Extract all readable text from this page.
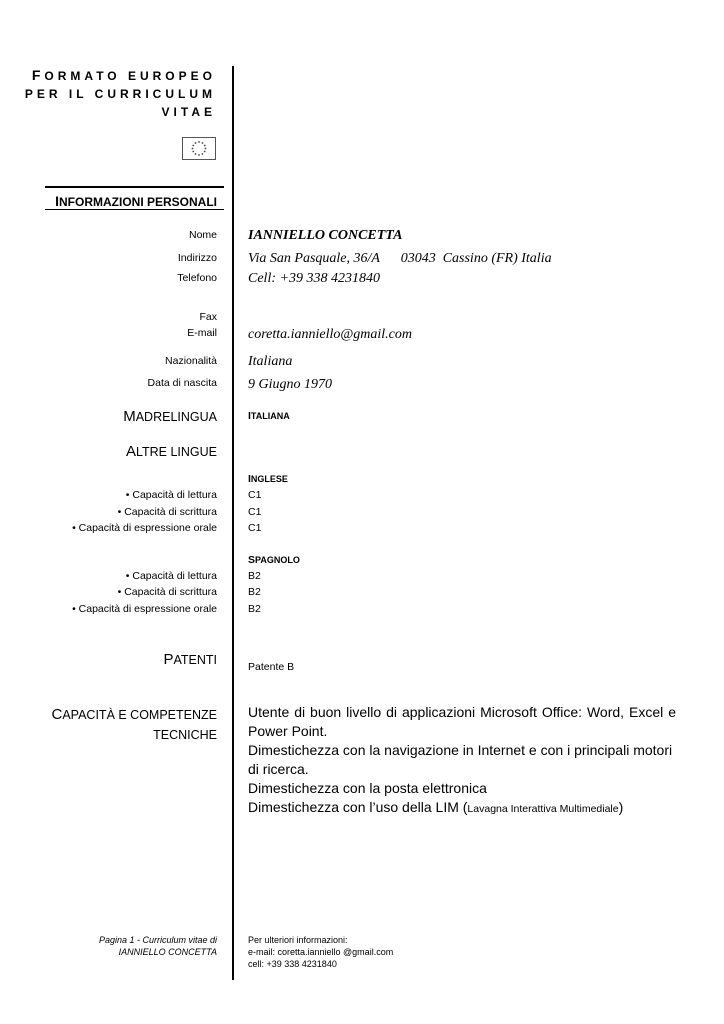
FORMATO EUROPEO
PER IL CURRICULUM
VITAE
INFORMAZIONI PERSONALI
Nome IANNIELLO CONCETTA
Indirizzo Via San Pasquale, 36/A      03043  Cassino (FR) Italia
Telefono Cell: +39 338 4231840
Fax
E-mail coretta.ianniello@gmail.com
Nazionalità Italiana
Data di nascita 9 Giugno 1970
MADRELINGUA	ITALIANA
ALTRE LINGUE
INGLESE
• Capacità di lettura	C1
• Capacità di scrittura	C1
• Capacità di espressione orale	C1
SPAGNOLO
• Capacità di lettura	B2
• Capacità di scrittura	B2
• Capacità di espressione orale	B2
PATENTI	Patente B
CAPACITÀ E COMPETENZE
TECNICHE

Utente di buon livello di applicazioni Microsoft Office: Word, Excel e Power Point.

Dimestichezza con la navigazione in Internet e con i principali motori di ricerca.

Dimestichezza con la posta elettronica

Dimestichezza con l’uso della LIM (Lavagna Interattiva Multimediale)

Pagina 1 - Curriculum vitae di
IANNIELLO CONCETTA
Per ulteriori informazioni:
e-mail: coretta.ianniello @gmail.com
cell: +39 338 4231840
